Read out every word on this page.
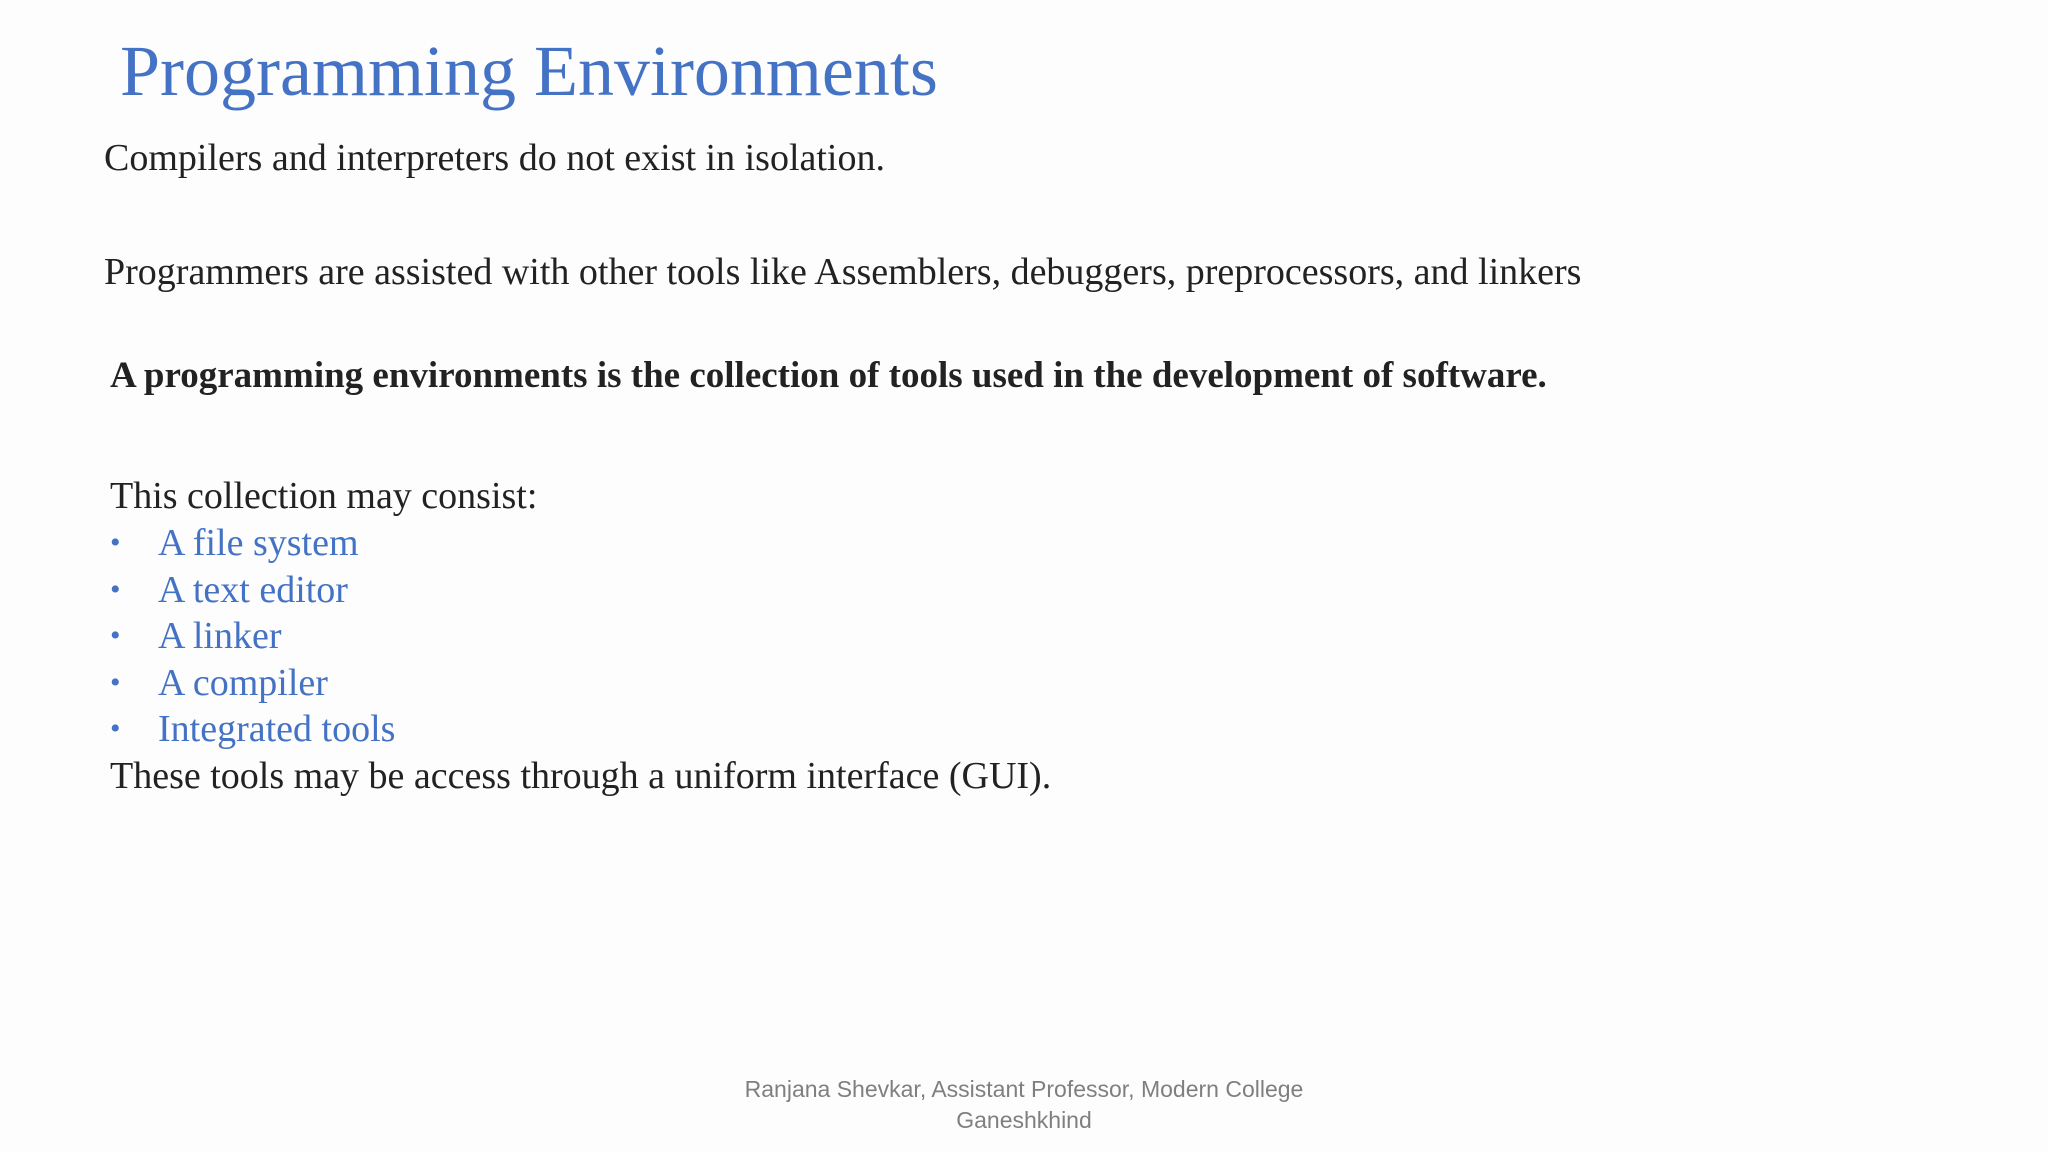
Programming Environments
Compilers and interpreters do not exist in isolation.
Programmers are assisted with other tools like Assemblers, debuggers, preprocessors, and linkers
A programming environments is the collection of tools used in the development of software.
This collection may consist:
• A file system
• A text editor
• A linker
• A compiler
• Integrated tools
These tools may be access through a uniform interface (GUI).
Ranjana Shevkar, Assistant Professor, Modern College
Ganeshkhind
